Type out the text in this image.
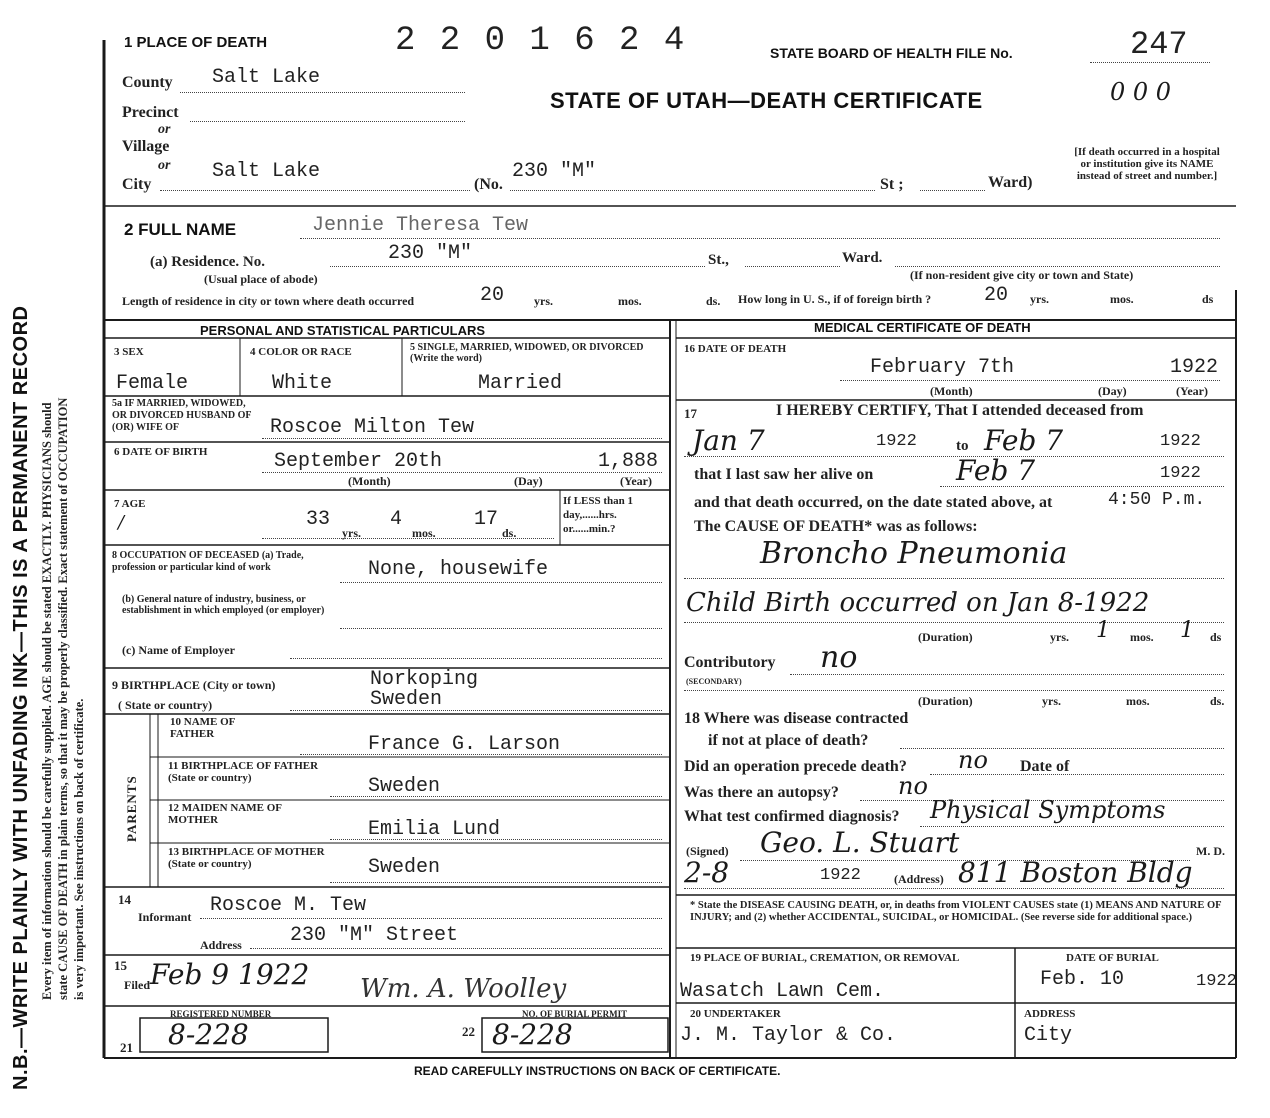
N.B.—WRITE PLAINLY WITH UNFADING INK—THIS IS A PERMANENT RECORD Every item of information should be carefully supplied. AGE should be stated EXACTLY. PHYSICIANS should state CAUSE OF DEATH in plain terms, so that it may be properly classified. Exact statement of OCCUPATION is very important. See instructions on back of certificate.
1 PLACE OF DEATH	2 2 0 1 6 2 4	STATE BOARD OF HEALTH FILE No.	247
STATE OF UTAH—DEATH CERTIFICATE	0 0 0
County Salt Lake
Precinct
or
Village
or
City
Salt Lake
(No.
230 "M"
St ;	Ward)
[If death occurred in a hospital or institution give its NAME instead of street and number.]
2 FULL NAME	Jennie Theresa Tew
(a) Residence. No.	230 "M"	St.,	Ward.
(Usual place of abode)	(If non-resident give city or town and State)
Length of residence in city or town where death occurred	20 yrs.	mos.	ds. How long in U. S., if of foreign birth ?	20 yrs.	mos.	ds
PERSONAL AND STATISTICAL PARTICULARS
3 SEX
Female
4 COLOR OR RACE
White
5 SINGLE, MARRIED, WIDOWED, OR DIVORCED (Write the word)
Married
5a IF MARRIED, WIDOWED, OR DIVORCED HUSBAND OF (OR) WIFE OF	Roscoe Milton Tew
6 DATE OF BIRTH	September 20th	1,888
(Month)	(Day)	(Year)
7 AGE
/	33
yrs.
4
mos.
17
ds.
If LESS than 1 day,......hrs. or......min.?
8 OCCUPATION OF DECEASED (a) Trade, profession or particular kind of work	None, housewife
(b) General nature of industry, business, or establishment in which employed (or employer)
(c) Name of Employer
9 BIRTHPLACE (City or town)	Norkoping
( State or country)	Sweden
PARENTS
10 NAME OF FATHER	France G. Larson
11 BIRTHPLACE OF FATHER (State or country)	Sweden
12 MAIDEN NAME OF MOTHER	Emilia Lund
13 BIRTHPLACE OF MOTHER (State or country)	Sweden
14
Informant Roscoe M. Tew
Address 230 "M" Street
15
Filed Feb 9 1922 Wm. A. Woolley
REGISTERED NUMBER
21 8-228
NO. OF BURIAL PERMIT
22 8-228
MEDICAL CERTIFICATE OF DEATH
16 DATE OF DEATH
February 7th	1922
(Month)	(Day)	(Year)
17	I HEREBY CERTIFY, That I attended deceased from
Jan 7	1922	to Feb 7	1922
that I last saw her alive on	Feb 7	1922
and that death occurred, on the date stated above, at	4:50 P.m.
The CAUSE OF DEATH* was as follows:
Broncho Pneumonia
Child Birth occurred on Jan 8-1922
(Duration)	yrs. 1 mos. 1 ds
Contributory
(SECONDARY)
no
(Duration)	yrs.	mos.	ds.
18 Where was disease contracted
if not at place of death?
Did an operation precede death? no Date of
Was there an autopsy? no
What test confirmed diagnosis? Physical Symptoms
(Signed) Geo. L. Stuart	M. D.
2-8	1922	(Address) 811 Boston Bldg
* State the DISEASE CAUSING DEATH, or, in deaths from VIOLENT CAUSES state (1) MEANS AND NATURE OF INJURY; and (2) whether ACCIDENTAL, SUICIDAL, or HOMICIDAL. (See reverse side for additional space.)
19 PLACE OF BURIAL, CREMATION, OR REMOVAL
Wasatch Lawn Cem.
DATE OF BURIAL
Feb. 10	1922
20 UNDERTAKER
J. M. Taylor & Co.
ADDRESS
City
READ CAREFULLY INSTRUCTIONS ON BACK OF CERTIFICATE.
